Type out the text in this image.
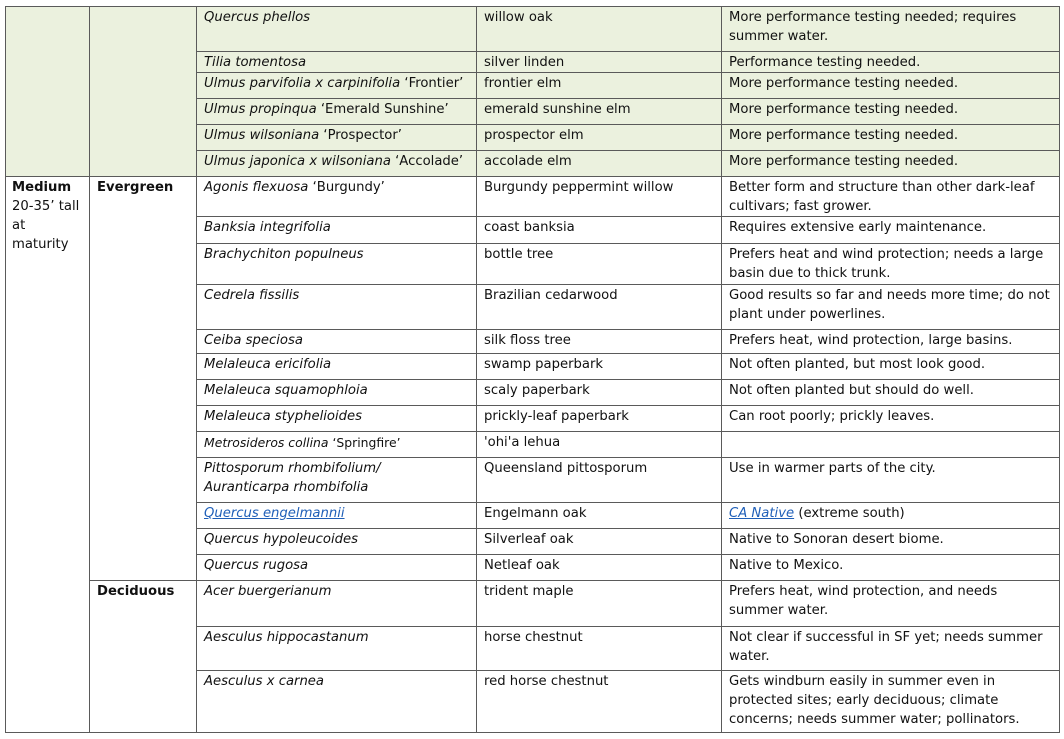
		Quercus phellos	willow oak	More performance testing needed; requires summer water.
		Tilia tomentosa	silver linden	Performance testing needed.
		Ulmus parvifolia x carpinifolia ‘Frontier’	frontier elm	More performance testing needed.
		Ulmus propinqua ‘Emerald Sunshine’	emerald sunshine elm	More performance testing needed.
		Ulmus wilsoniana ‘Prospector’	prospector elm	More performance testing needed.
		Ulmus japonica x wilsoniana ‘Accolade’	accolade elm	More performance testing needed.

Medium
20-35’ tall at maturity	Evergreen	Agonis flexuosa ‘Burgundy’	Burgundy peppermint willow	Better form and structure than other dark-leaf cultivars; fast grower.
		Banksia integrifolia	coast banksia	Requires extensive early maintenance.
		Brachychiton populneus	bottle tree	Prefers heat and wind protection; needs a large basin due to thick trunk.
		Cedrela fissilis	Brazilian cedarwood	Good results so far and needs more time; do not plant under powerlines.
		Ceiba speciosa	silk floss tree	Prefers heat, wind protection, large basins.
		Melaleuca ericifolia	swamp paperbark	Not often planted, but most look good.
		Melaleuca squamophloia	scaly paperbark	Not often planted but should do well.
		Melaleuca styphelioides	prickly-leaf paperbark	Can root poorly; prickly leaves.
		Metrosideros collina ‘Springfire’	'ohi'a lehua	
		Pittosporum rhombifolium/ Auranticarpa rhombifolia	Queensland pittosporum	Use in warmer parts of the city.
		Quercus engelmannii	Engelmann oak	CA Native (extreme south)
		Quercus hypoleucoides	Silverleaf oak	Native to Sonoran desert biome.
		Quercus rugosa	Netleaf oak	Native to Mexico.
	Deciduous	Acer buergerianum	trident maple	Prefers heat, wind protection, and needs summer water.
		Aesculus hippocastanum	horse chestnut	Not clear if successful in SF yet; needs summer water.
		Aesculus x carnea	red horse chestnut	Gets windburn easily in summer even in protected sites; early deciduous; climate concerns; needs summer water; pollinators.
